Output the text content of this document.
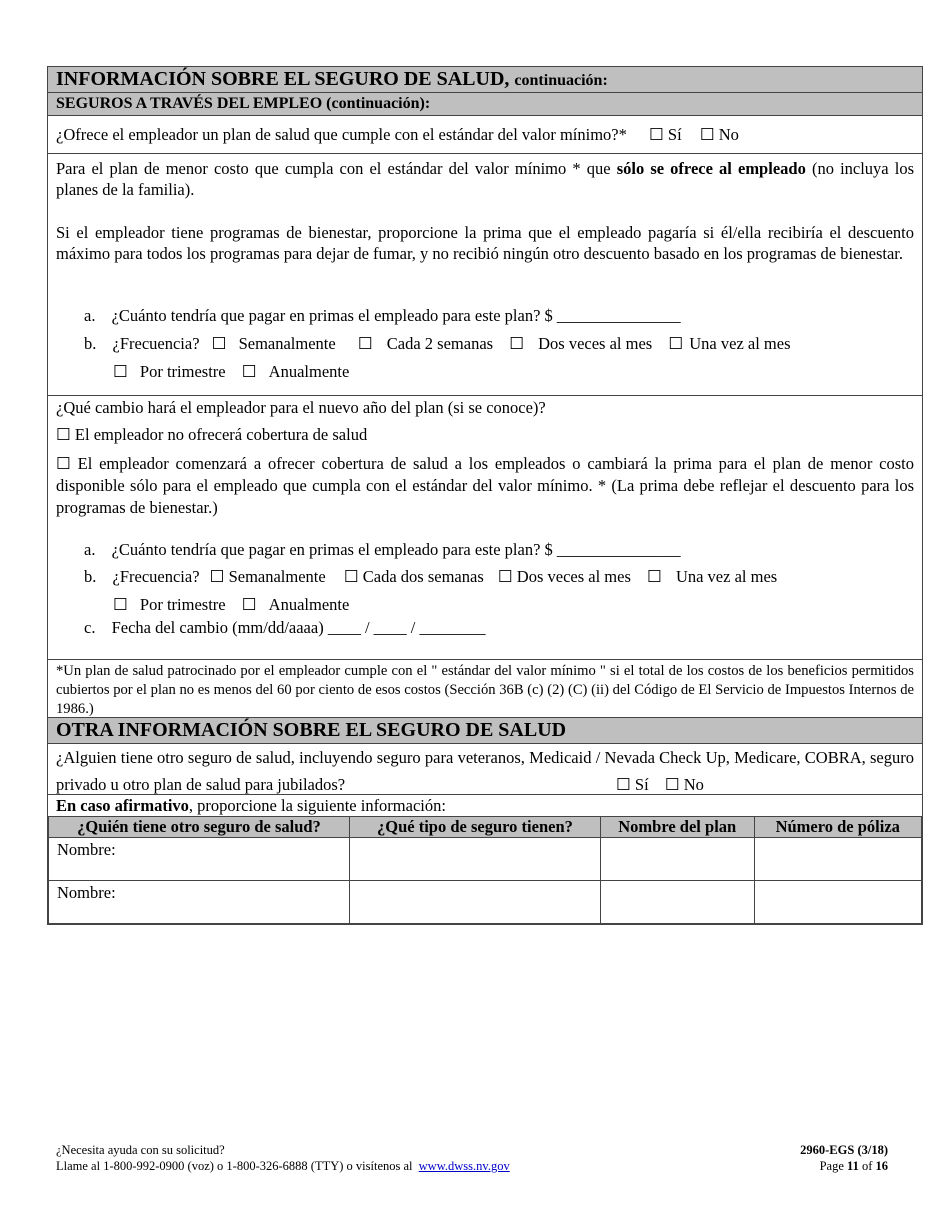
INFORMACIÓN SOBRE EL SEGURO DE SALUD, continuación:
SEGUROS A TRAVÉS DEL EMPLEO (continuación):
¿Ofrece el empleador un plan de salud que cumple con el estándar del valor mínimo?* ☐ Sí ☐ No
Para el plan de menor costo que cumpla con el estándar del valor mínimo * que sólo se ofrece al empleado (no incluya los planes de la familia).
Si el empleador tiene programas de bienestar, proporcione la prima que el empleado pagaría si él/ella recibiría el descuento máximo para todos los programas para dejar de fumar, y no recibió ningún otro descuento basado en los programas de bienestar.
a. ¿Cuánto tendría que pagar en primas el empleado para este plan? $ _______________
b. ¿Frecuencia? ☐ Semanalmente ☐ Cada 2 semanas ☐ Dos veces al mes ☐ Una vez al mes
☐ Por trimestre ☐ Anualmente
¿Qué cambio hará el empleador para el nuevo año del plan (si se conoce)?
☐ El empleador no ofrecerá cobertura de salud
☐ El empleador comenzará a ofrecer cobertura de salud a los empleados o cambiará la prima para el plan de menor costo disponible sólo para el empleado que cumpla con el estándar del valor mínimo. * (La prima debe reflejar el descuento para los programas de bienestar.)
a. ¿Cuánto tendría que pagar en primas el empleado para este plan? $ _______________
b. ¿Frecuencia? ☐ Semanalmente ☐ Cada dos semanas ☐ Dos veces al mes ☐ Una vez al mes
☐ Por trimestre ☐ Anualmente
c. Fecha del cambio (mm/dd/aaaa) ____ / ____ / ________
*Un plan de salud patrocinado por el empleador cumple con el " estándar del valor mínimo " si el total de los costos de los beneficios permitidos cubiertos por el plan no es menos del 60 por ciento de esos costos (Sección 36B (c) (2) (C) (ii) del Código de El Servicio de Impuestos Internos de 1986.)
OTRA INFORMACIÓN SOBRE EL SEGURO DE SALUD
¿Alguien tiene otro seguro de salud, incluyendo seguro para veteranos, Medicaid / Nevada Check Up, Medicare, COBRA, seguro privado u otro plan de salud para jubilados?	☐ Sí ☐ No
En caso afirmativo, proporcione la siguiente información:
¿Quién tiene otro seguro de salud?	¿Qué tipo de seguro tienen?	Nombre del plan	Número de póliza
Nombre:			
Nombre:			
¿Necesita ayuda con su solicitud?
Llame al 1-800-992-0900 (voz) o 1-800-326-6888 (TTY) o visítenos al www.dwss.nv.gov
2960-EGS (3/18)
Page 11 of 16
